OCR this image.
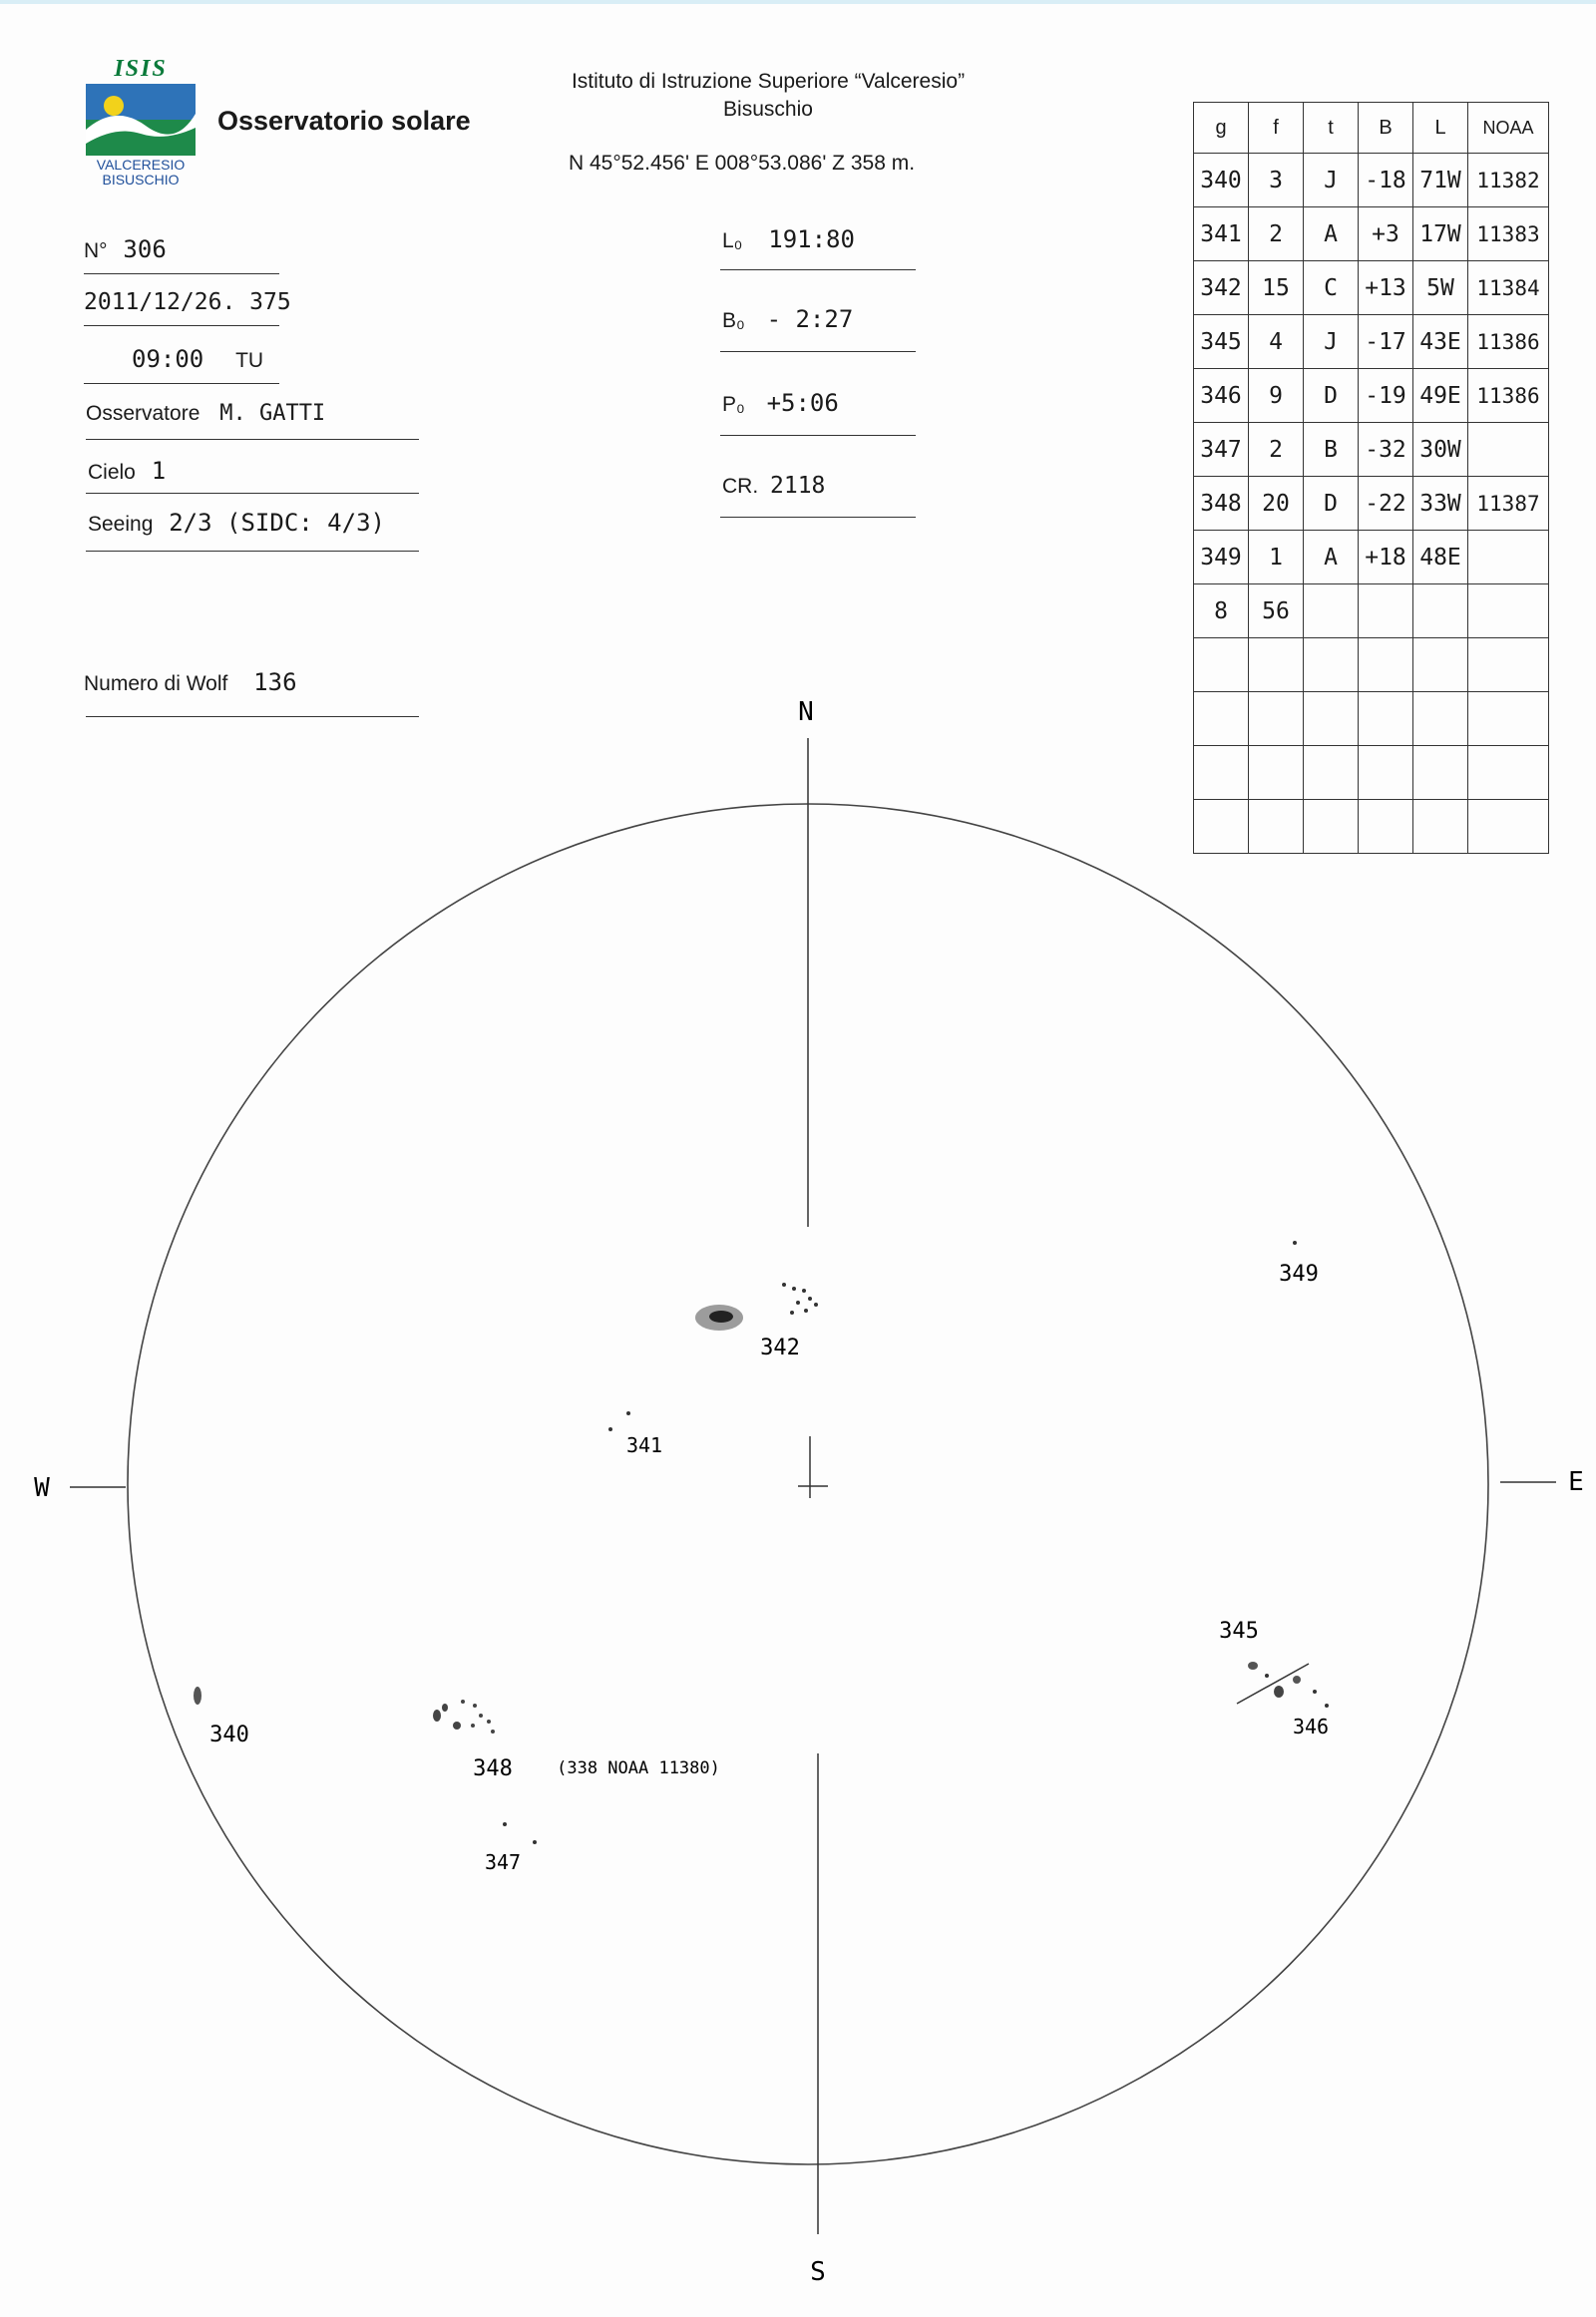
ISIS
VALCERESIO
BISUSCHIO
Osservatorio solare
Istituto di Istruzione Superiore “Valceresio”
Bisuschio
N 45°52.456' E 008°53.086' Z 358 m.
N° 306
2011/12/26. 375
09:00 TU
Osservatore M. GATTI
Cielo 1
Seeing 2/3 (SIDC: 4/3)
Numero di Wolf 136
L₀ 191:80
B₀ - 2:27
P₀ +5:06
CR. 2118
g	f	t	B	L	NOAA
340	3	J	-18	71W	11382
341	2	A	+3	17W	11383
342	15	C	+13	5W	11384
345	4	J	-17	43E	11386
346	9	D	-19	49E	11386
347	2	B	-32	30W	
348	20	D	-22	33W	11387
349	1	A	+18	48E	
8	56				

N
S
W	E
342
341
349
340
348	(338 NOAA 11380)
347
345
346
